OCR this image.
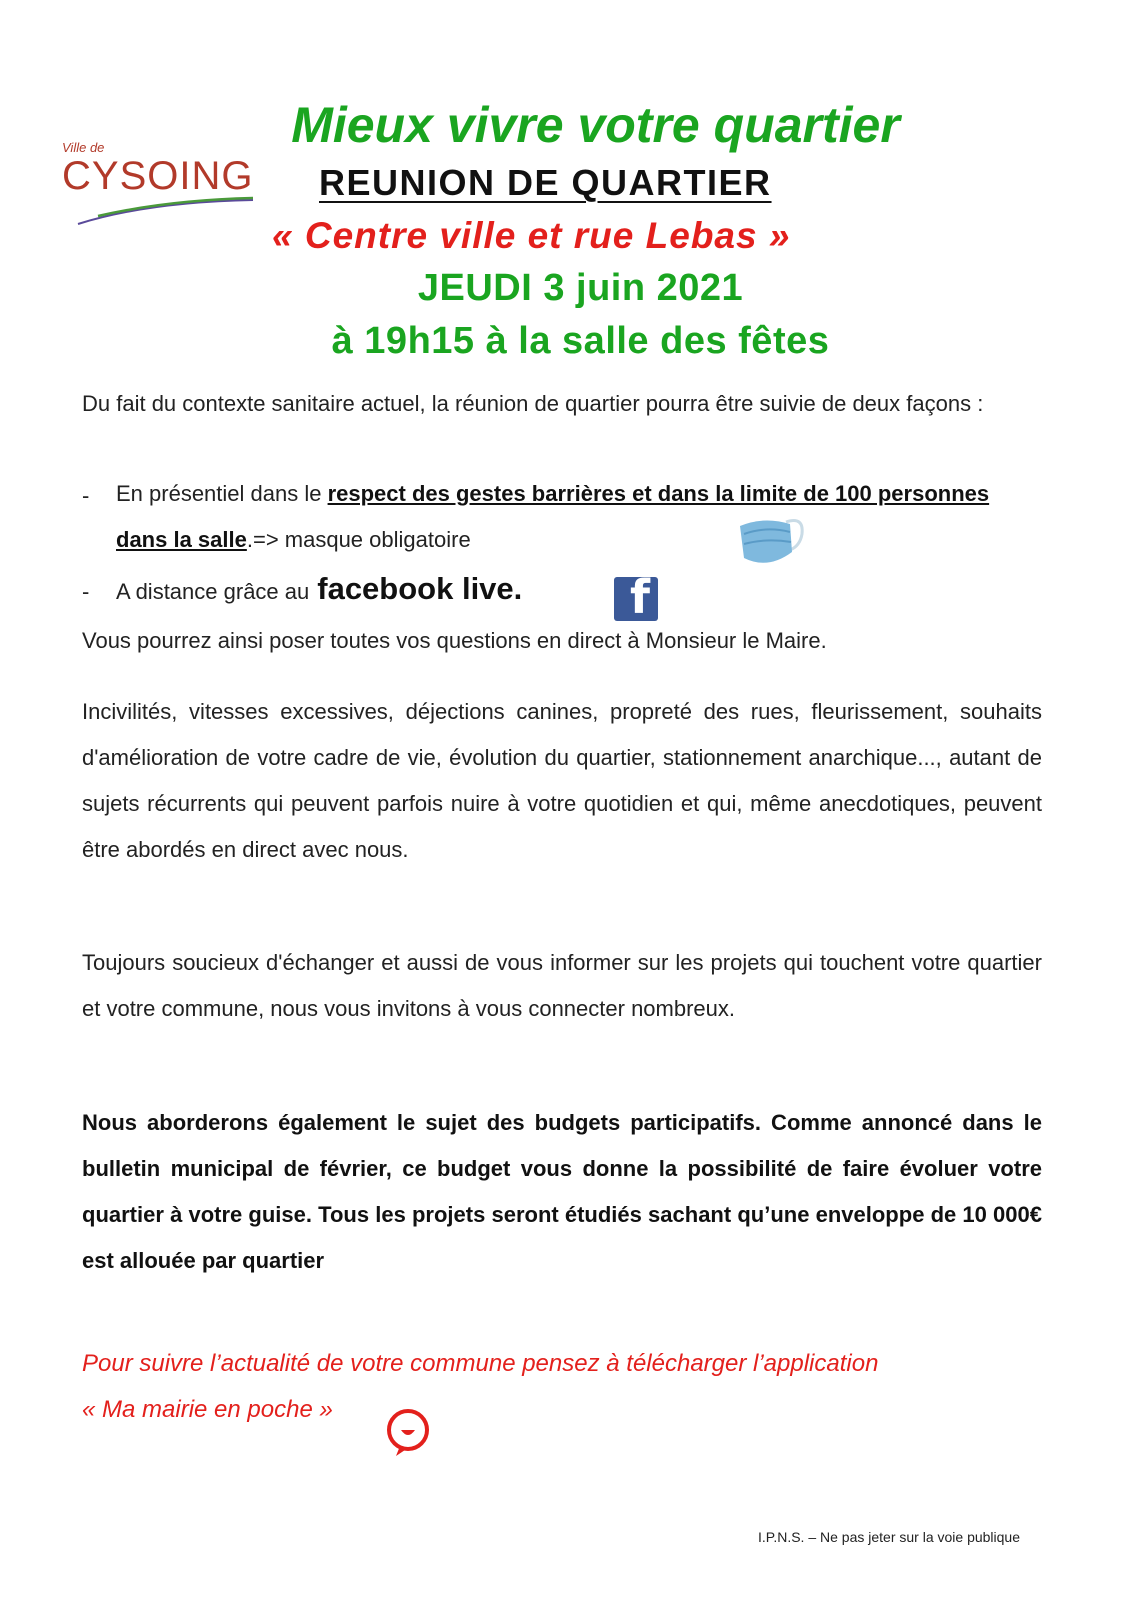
Ville de
CYSOING
Mieux vivre votre quartier
REUNION DE QUARTIER
« Centre ville et rue Lebas »
JEUDI 3 juin 2021
à 19h15 à la salle des fêtes
Du fait du contexte sanitaire actuel, la réunion de quartier pourra être suivie de deux façons :
- En présentiel dans le respect des gestes barrières et dans la limite de 100 personnes dans la salle.=> masque obligatoire
- A distance grâce au facebook live.	f
Vous pourrez ainsi poser toutes vos questions en direct à Monsieur le Maire.
Incivilités, vitesses excessives, déjections canines, propreté des rues, fleurissement, souhaits d'amélioration de votre cadre de vie, évolution du quartier, stationnement anarchique..., autant de sujets récurrents qui peuvent parfois nuire à votre quotidien et qui, même anecdotiques, peuvent être abordés en direct avec nous.
Toujours soucieux d'échanger et aussi de vous informer sur les projets qui touchent votre quartier et votre commune, nous vous invitons à vous connecter nombreux.
Nous aborderons également le sujet des budgets participatifs. Comme annoncé dans le bulletin municipal de février, ce budget vous donne la possibilité de faire évoluer votre quartier à votre guise. Tous les projets seront étudiés sachant qu’une enveloppe de 10 000€ est allouée par quartier
Pour suivre l’actualité de votre commune pensez à télécharger l’application
« Ma mairie en poche »
I.P.N.S. – Ne pas jeter sur la voie publique
